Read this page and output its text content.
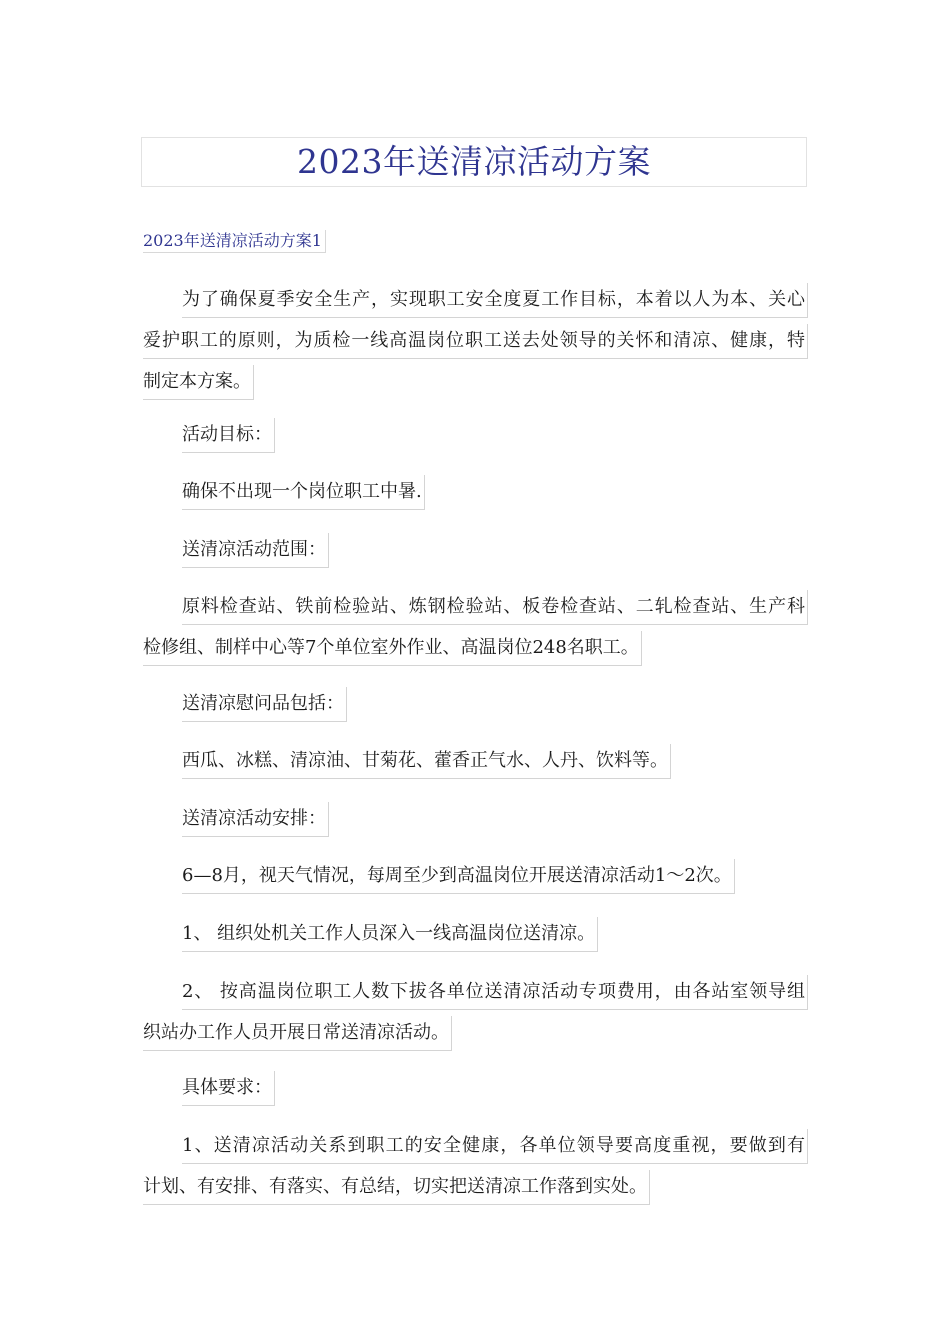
2023年送清凉活动方案
2023年送清凉活动方案1
为了确保夏季安全生产，实现职工安全度夏工作目标，本着以人为本、关心
爱护职工的原则，为质检一线高温岗位职工送去处领导的关怀和清凉、健康，特
制定本方案。
活动目标：
确保不出现一个岗位职工中暑.
送清凉活动范围：
原料检查站、铁前检验站、炼钢检验站、板卷检查站、二轧检查站、生产科
检修组、制样中心等7个单位室外作业、高温岗位248名职工。
送清凉慰问品包括：
西瓜、冰糕、清凉油、甘菊花、藿香正气水、人丹、饮料等。
送清凉活动安排：
6—8月，视天气情况，每周至少到高温岗位开展送清凉活动1～2次。
1、 组织处机关工作人员深入一线高温岗位送清凉。
2、 按高温岗位职工人数下拔各单位送清凉活动专项费用，由各站室领导组
织站办工作人员开展日常送清凉活动。
具体要求：
1、送清凉活动关系到职工的安全健康，各单位领导要高度重视，要做到有
计划、有安排、有落实、有总结，切实把送清凉工作落到实处。
